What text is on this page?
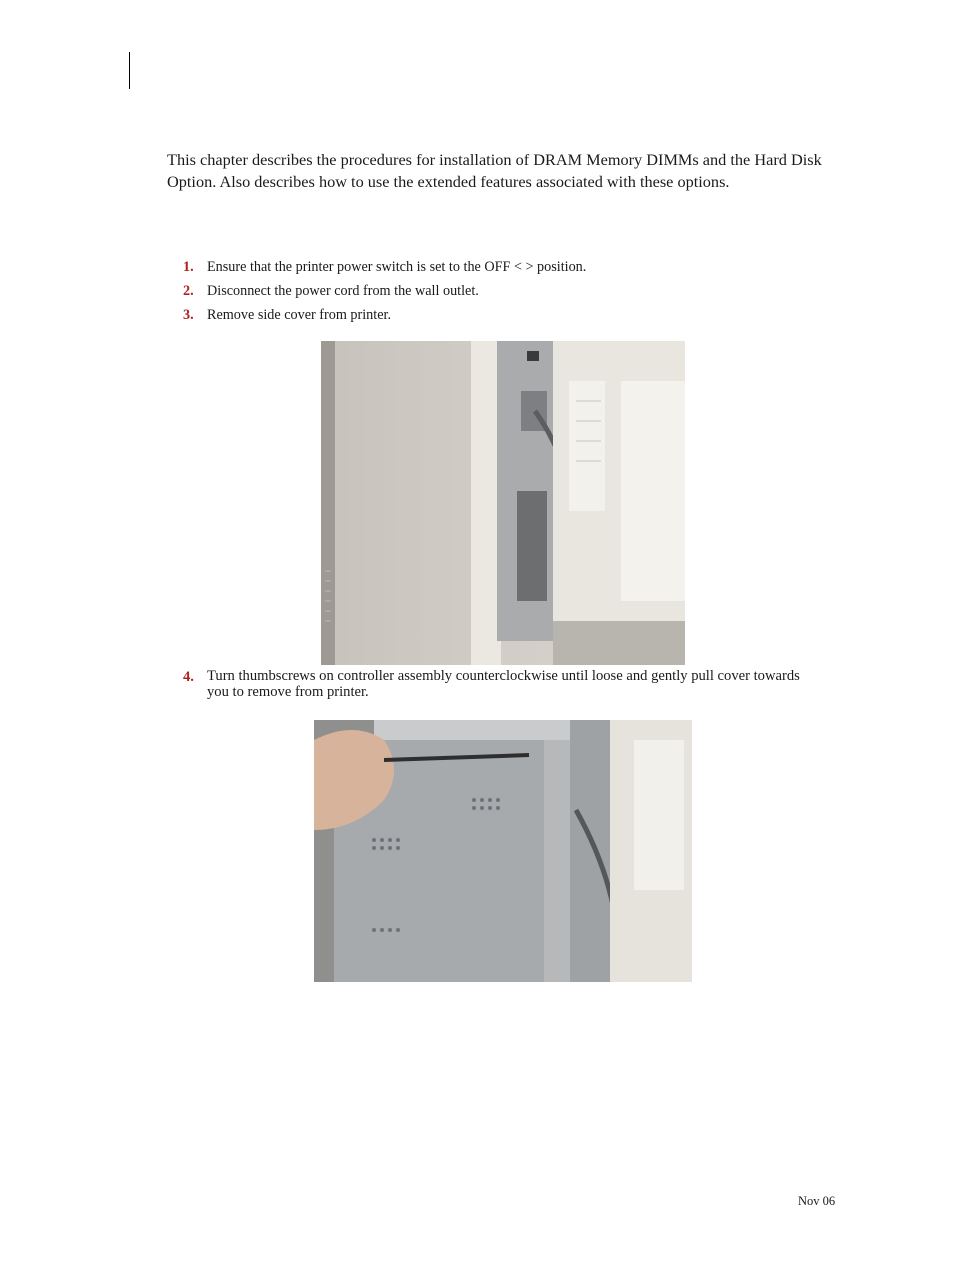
This chapter describes the procedures for installation of DRAM Memory DIMMs and the Hard Disk Option. Also describes how to use the extended features associated with these options.

1. Ensure that the printer power switch is set to the OFF < > position.
2. Disconnect the power cord from the wall outlet.
3. Remove side cover from printer.
4. Turn thumbscrews on controller assembly counterclockwise until loose and gently pull cover towards you to remove from printer.
Nov 06
